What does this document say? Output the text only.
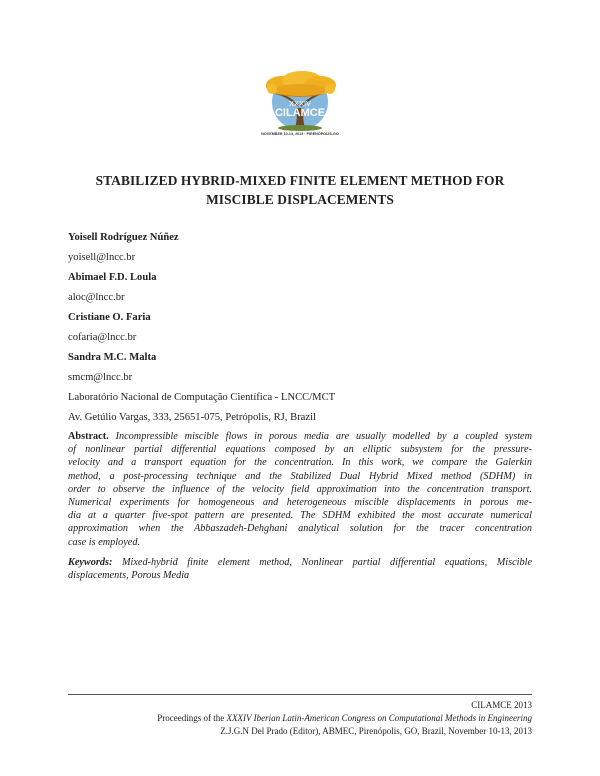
XXXIV
CILAMCE
NOVEMBER 10-13, 2013 · PIRENÓPOLIS-GO
STABILIZED HYBRID-MIXED FINITE ELEMENT METHOD FOR
MISCIBLE DISPLACEMENTS
Yoisell Rodríguez Núñez
yoisell@lncc.br
Abimael F.D. Loula
aloc@lncc.br
Cristiane O. Faria
cofaria@lncc.br
Sandra M.C. Malta
smcm@lncc.br
Laboratório Nacional de Computação Científica - LNCC/MCT
Av. Getúlio Vargas, 333, 25651-075, Petrópolis, RJ, Brazil
Abstract. Incompressible miscible flows in porous media are usually modelled by a coupled system
of nonlinear partial differential equations composed by an elliptic subsystem for the pressure-
velocity and a transport equation for the concentration. In this work, we compare the Galerkin
method, a post-processing technique and the Stabilized Dual Hybrid Mixed method (SDHM) in
order to observe the influence of the velocity field approximation into the concentration transport.
Numerical experiments for homogeneous and heterogeneous miscible displacements in porous me-
dia at a quarter five-spot pattern are presented. The SDHM exhibited the most accurate numerical
approximation when the Abbaszadeh-Dehghani analytical solution for the tracer concentration
case is employed.
Keywords: Mixed-hybrid finite element method, Nonlinear partial differential equations, Miscible
displacements, Porous Media
CILAMCE 2013
Proceedings of the XXXIV Iberian Latin-American Congress on Computational Methods in Engineering
Z.J.G.N Del Prado (Editor), ABMEC, Pirenópolis, GO, Brazil, November 10-13, 2013
